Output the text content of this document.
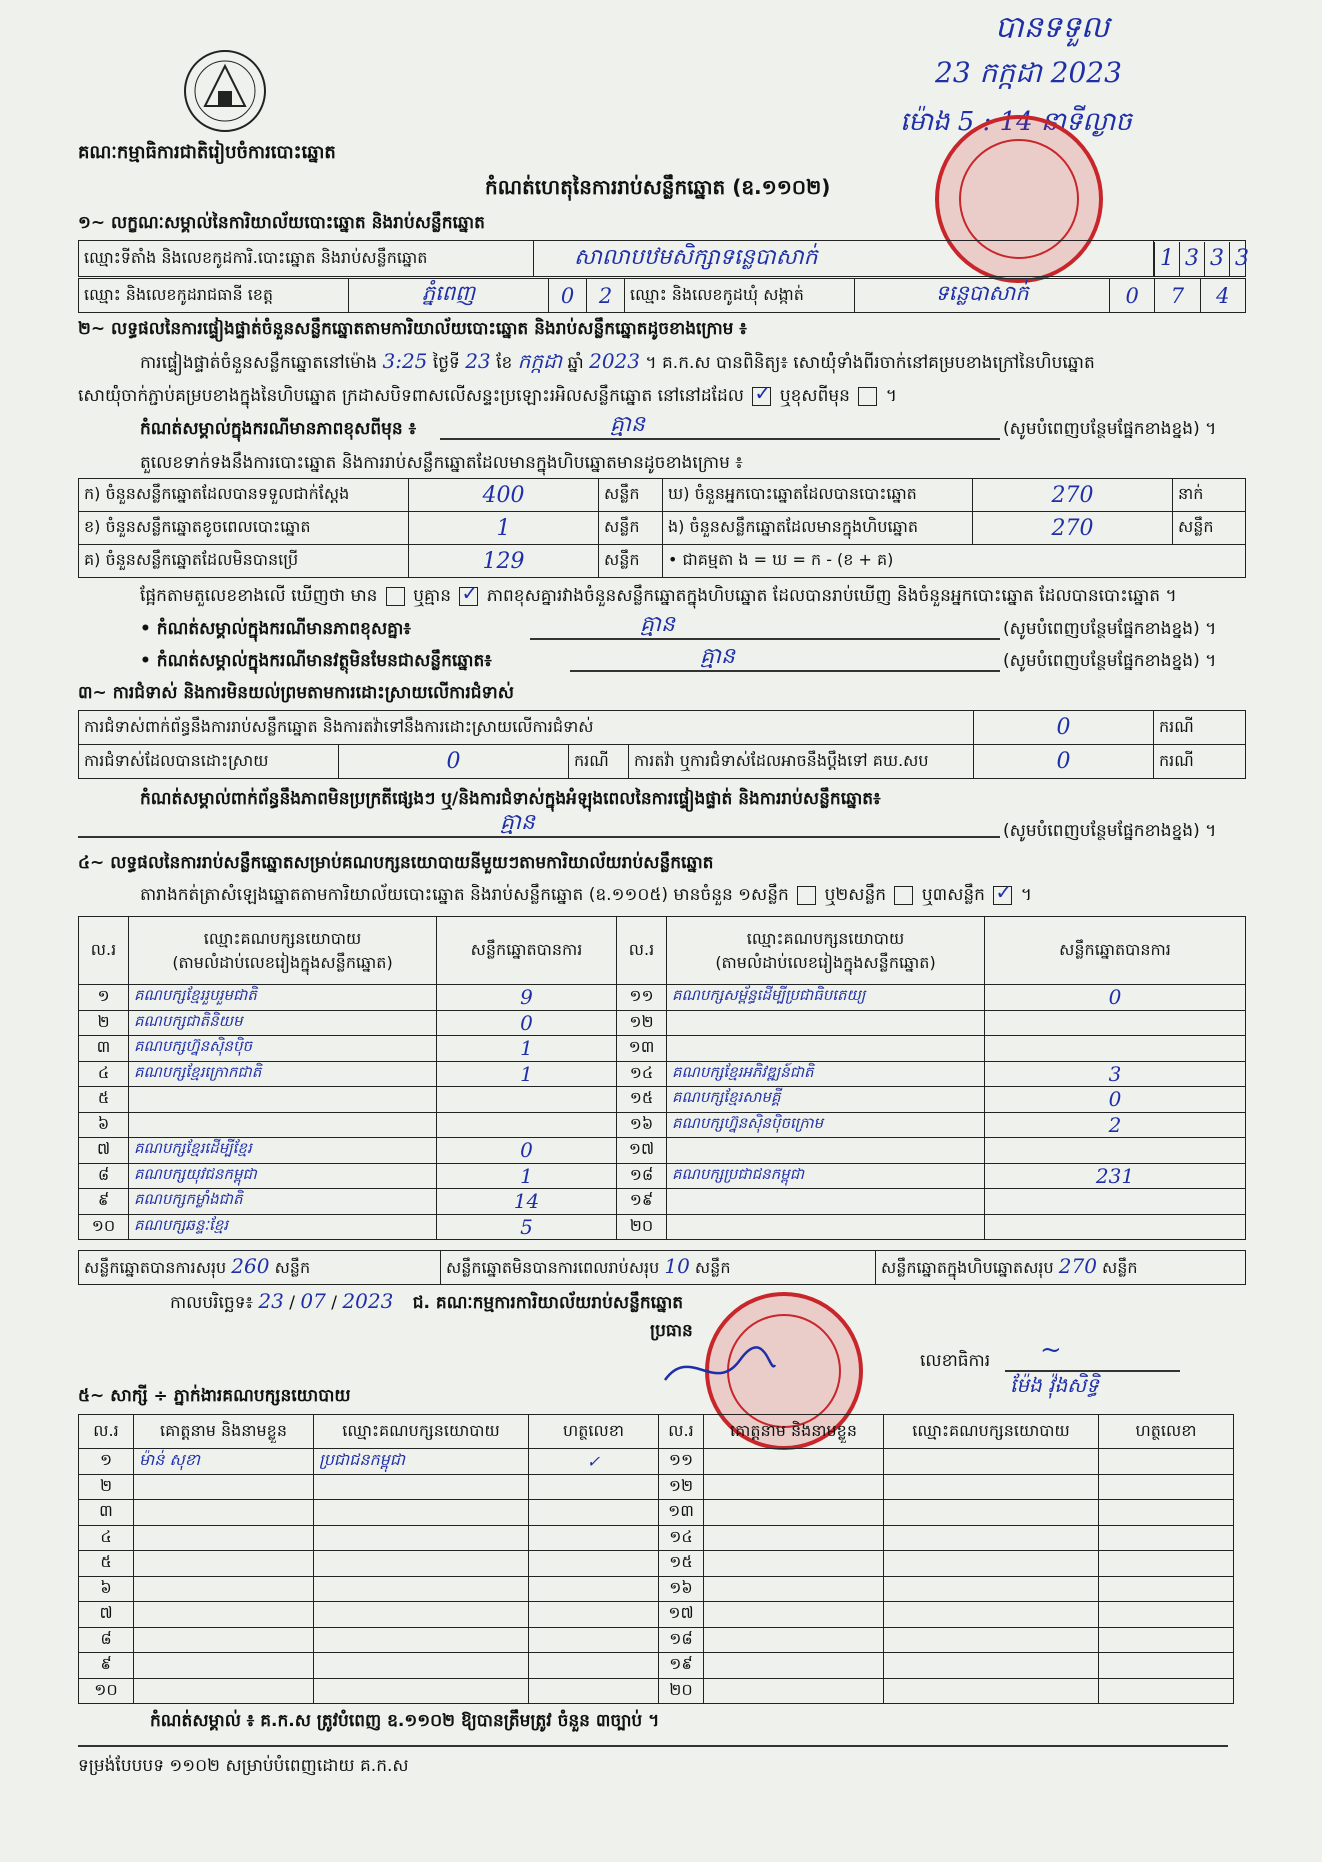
គណៈកម្មាធិការជាតិរៀបចំការបោះឆ្នោត
កំណត់ហេតុនៃការរាប់សន្លឹកឆ្នោត (ឧ.១១០២)
បានទទួល
23 កក្កដា 2023
ម៉ោង 5 : 14 នាទីល្ងាច
១~ លក្ខណៈសម្គាល់នៃការិយាល័យបោះឆ្នោត និងរាប់សន្លឹកឆ្នោត
ឈ្មោះទីតាំង និងលេខកូដការិ.បោះឆ្នោត និងរាប់សន្លឹកឆ្នោត	សាលាបឋមសិក្សាទន្លេបាសាក់		1	3	3	3
ឈ្មោះ និងលេខកូដរាជធានី ខេត្ត	ភ្នំពេញ	0	2	ឈ្មោះ និងលេខកូដឃុំ សង្កាត់	ទន្លេបាសាក់	0	7	4
២~ លទ្ធផលនៃការផ្ទៀងផ្ទាត់ចំនួនសន្លឹកឆ្នោតតាមការិយាល័យបោះឆ្នោត និងរាប់សន្លឹកឆ្នោតដូចខាងក្រោម ៖
ការផ្ទៀងផ្ទាត់ចំនួនសន្លឹកឆ្នោតនៅម៉ោង 3:25 ថ្ងៃទី 23 ខែ កក្កដា ឆ្នាំ 2023 ។ គ.ក.ស បានពិនិត្យ៖ សោយ៉ុំទាំងពីរចាក់នៅគម្របខាងក្រៅនៃហិបឆ្នោត
សោយ៉ុំចាក់ភ្ជាប់គម្របខាងក្នុងនៃហិបឆ្នោត ក្រដាសបិទពាសលើសន្ទះប្រឡោះរអិលសន្លឹកឆ្នោត នៅនៅដដែល ✓ ឬខុសពីមុន  ។
កំណត់សម្គាល់ក្នុងករណីមានភាពខុសពីមុន ៖	គ្មាន	(សូមបំពេញបន្ថែមផ្នែកខាងខ្នង) ។
តួលេខទាក់ទងនឹងការបោះឆ្នោត និងការរាប់សន្លឹកឆ្នោតដែលមានក្នុងហិបឆ្នោតមានដូចខាងក្រោម ៖
ក) ចំនួនសន្លឹកឆ្នោតដែលបានទទួលជាក់ស្តែង	400	សន្លឹក	ឃ) ចំនួនអ្នកបោះឆ្នោតដែលបានបោះឆ្នោត	270	នាក់
ខ) ចំនួនសន្លឹកឆ្នោតខូចពេលបោះឆ្នោត	1	សន្លឹក	ង) ចំនួនសន្លឹកឆ្នោតដែលមានក្នុងហិបឆ្នោត	270	សន្លឹក
គ) ចំនួនសន្លឹកឆ្នោតដែលមិនបានប្រើ	129	សន្លឹក	• ជាគម្មតា ង = ឃ = ក - (ខ + គ)		
ផ្អែកតាមតួលេខខាងលើ ឃើញថា មាន ឬគ្មាន ✓ ភាពខុសគ្នារវាងចំនួនសន្លឹកឆ្នោតក្នុងហិបឆ្នោត ដែលបានរាប់ឃើញ និងចំនួនអ្នកបោះឆ្នោត ដែលបានបោះឆ្នោត ។
• កំណត់សម្គាល់ក្នុងករណីមានភាពខុសគ្នា៖	គ្មាន	(សូមបំពេញបន្ថែមផ្នែកខាងខ្នង) ។
• កំណត់សម្គាល់ក្នុងករណីមានវត្ថុមិនមែនជាសន្លឹកឆ្នោត៖	គ្មាន	(សូមបំពេញបន្ថែមផ្នែកខាងខ្នង) ។
៣~ ការជំទាស់ និងការមិនយល់ព្រមតាមការដោះស្រាយលើការជំទាស់
ការជំទាស់ពាក់ព័ន្ធនឹងការរាប់សន្លឹកឆ្នោត និងការតវ៉ាទៅនឹងការដោះស្រាយលើការជំទាស់	0	ករណី
ការជំទាស់ដែលបានដោះស្រាយ	0	ករណី	ការតវ៉ា ឬការជំទាស់ដែលអាចនឹងប្តឹងទៅ គឃ.សប	0	ករណី
កំណត់សម្គាល់ពាក់ព័ន្ធនឹងភាពមិនប្រក្រតីផ្សេងៗ ឬ/និងការជំទាស់ក្នុងអំឡុងពេលនៃការផ្ទៀងផ្ទាត់ និងការរាប់សន្លឹកឆ្នោត៖
គ្មាន	(សូមបំពេញបន្ថែមផ្នែកខាងខ្នង) ។
៤~ លទ្ធផលនៃការរាប់សន្លឹកឆ្នោតសម្រាប់គណបក្សនយោបាយនីមួយៗតាមការិយាល័យរាប់សន្លឹកឆ្នោត
តារាងកត់ត្រាសំឡេងឆ្នោតតាមការិយាល័យបោះឆ្នោត និងរាប់សន្លឹកឆ្នោត (ឧ.១១០៥) មានចំនួន ១សន្លឹក ឬ២សន្លឹក ឬ៣សន្លឹក ✓ ។
ល.រ	ឈ្មោះគណបក្សនយោបាយ
(តាមលំដាប់លេខរៀងក្នុងសន្លឹកឆ្នោត)	សន្លឹកឆ្នោតបានការ	ល.រ	ឈ្មោះគណបក្សនយោបាយ
(តាមលំដាប់លេខរៀងក្នុងសន្លឹកឆ្នោត)	សន្លឹកឆ្នោតបានការ
១	គណបក្សខ្មែររួបរួមជាតិ	9	១១	គណបក្សសម្ព័ន្ធដើម្បីប្រជាធិបតេយ្យ	0
២	គណបក្សជាតិនិយម	0	១២		
៣	គណបក្សហ្វ៊ុនស៊ិនប៉ិច	1	១៣		
៤	គណបក្សខ្មែរក្រោកជាតិ	1	១៤	គណបក្សខ្មែរអភិវឌ្ឍន៍ជាតិ	3
៥			១៥	គណបក្សខ្មែរសាមគ្គី	0
៦			១៦	គណបក្សហ្វ៊ុនស៊ិនប៉ិចក្រោម	2
៧	គណបក្សខ្មែរដើម្បីខ្មែរ	0	១៧		
៨	គណបក្សយុវជនកម្ពុជា	1	១៨	គណបក្សប្រជាជនកម្ពុជា	231
៩	គណបក្សកម្លាំងជាតិ	14	១៩		
១០	គណបក្សឆន្ទៈខ្មែរ	5	២០		
សន្លឹកឆ្នោតបានការសរុប 260 សន្លឹក	សន្លឹកឆ្នោតមិនបានការពេលរាប់សរុប 10 សន្លឹក	សន្លឹកឆ្នោតក្នុងហិបឆ្នោតសរុប 270 សន្លឹក
កាលបរិច្ឆេទ៖ 23 / 07 / 2023 ជ. គណៈកម្មការការិយាល័យរាប់សន្លឹកឆ្នោត
ប្រធាន
លេខាធិការ ~
ម៉ែង វ៉ុងសិទ្ធិ
៥~ សាក្សី ÷ ភ្នាក់ងារគណបក្សនយោបាយ
ល.រ	គោត្តនាម និងនាមខ្លួន	ឈ្មោះគណបក្សនយោបាយ	ហត្ថលេខា	ល.រ	គោត្តនាម និងនាមខ្លួន	ឈ្មោះគណបក្សនយោបាយ	ហត្ថលេខា
១	ម៉ាន់ សុខា	ប្រជាជនកម្ពុជា	✓	១១			
២				១២			
៣				១៣			
៤				១៤			
៥				១៥			
៦				១៦			
៧				១៧			
៨				១៨			
៩				១៩			
១០				២០			
កំណត់សម្គាល់ ៖ គ.ក.ស ត្រូវបំពេញ ឧ.១១០២ ឱ្យបានត្រឹមត្រូវ ចំនួន ៣ច្បាប់ ។
ទម្រង់បែបបទ ១១០២ សម្រាប់បំពេញដោយ គ.ក.ស
